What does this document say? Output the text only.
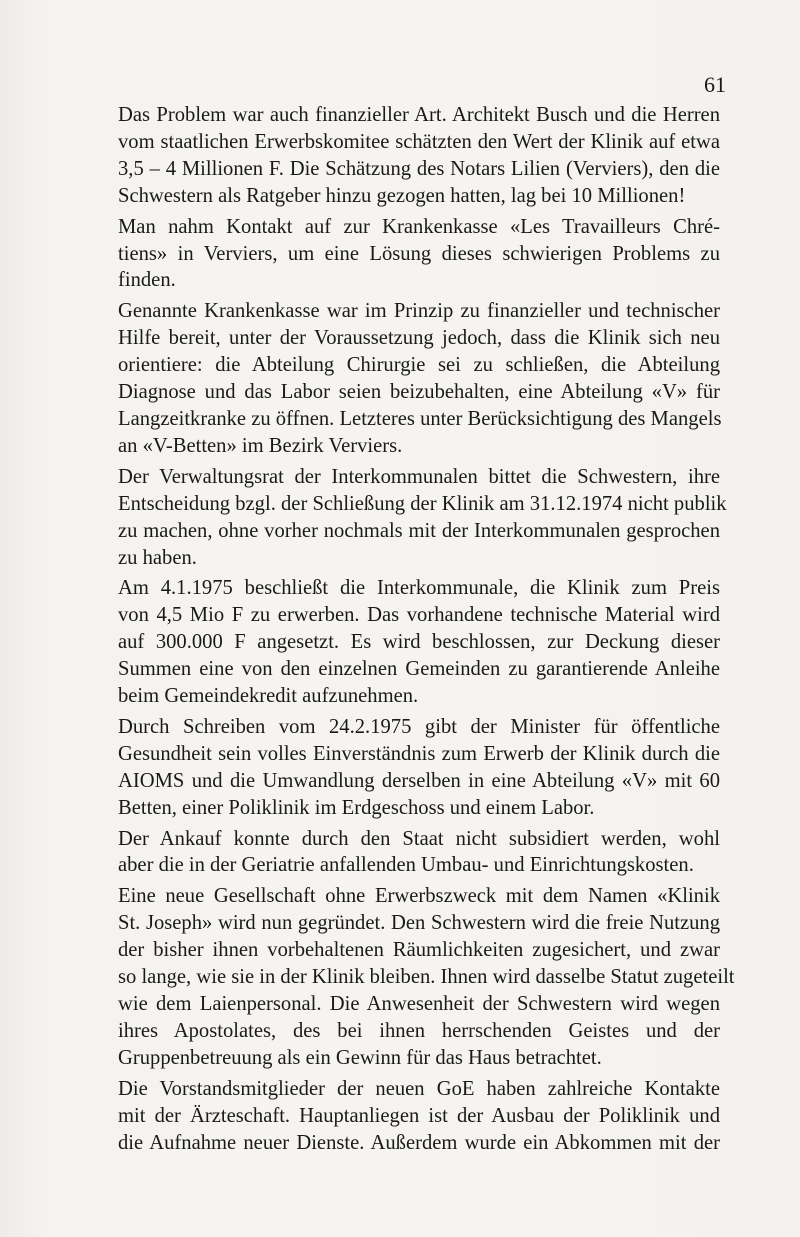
61
Das Problem war auch finanzieller Art. Architekt Busch und die Herren
vom staatlichen Erwerbskomitee schätzten den Wert der Klinik auf etwa
3,5 – 4 Millionen F. Die Schätzung des Notars Lilien (Verviers), den die
Schwestern als Ratgeber hinzu gezogen hatten, lag bei 10 Millionen!
Man nahm Kontakt auf zur Krankenkasse «Les Travailleurs Chré-
tiens» in Verviers, um eine Lösung dieses schwierigen Problems zu
finden.
Genannte Krankenkasse war im Prinzip zu finanzieller und technischer
Hilfe bereit, unter der Voraussetzung jedoch, dass die Klinik sich neu
orientiere: die Abteilung Chirurgie sei zu schließen, die Abteilung
Diagnose und das Labor seien beizubehalten, eine Abteilung «V» für
Langzeitkranke zu öffnen. Letzteres unter Berücksichtigung des Mangels
an «V-Betten» im Bezirk Verviers.
Der Verwaltungsrat der Interkommunalen bittet die Schwestern, ihre
Entscheidung bzgl. der Schließung der Klinik am 31.12.1974 nicht publik
zu machen, ohne vorher nochmals mit der Interkommunalen gesprochen
zu haben.
Am 4.1.1975 beschließt die Interkommunale, die Klinik zum Preis
von 4,5 Mio F zu erwerben. Das vorhandene technische Material wird
auf 300.000 F angesetzt. Es wird beschlossen, zur Deckung dieser
Summen eine von den einzelnen Gemeinden zu garantierende Anleihe
beim Gemeindekredit aufzunehmen.
Durch Schreiben vom 24.2.1975 gibt der Minister für öffentliche
Gesundheit sein volles Einverständnis zum Erwerb der Klinik durch die
AIOMS und die Umwandlung derselben in eine Abteilung «V» mit 60
Betten, einer Poliklinik im Erdgeschoss und einem Labor.
Der Ankauf konnte durch den Staat nicht subsidiert werden, wohl
aber die in der Geriatrie anfallenden Umbau- und Einrichtungskosten.
Eine neue Gesellschaft ohne Erwerbszweck mit dem Namen «Klinik
St. Joseph» wird nun gegründet. Den Schwestern wird die freie Nutzung
der bisher ihnen vorbehaltenen Räumlichkeiten zugesichert, und zwar
so lange, wie sie in der Klinik bleiben. Ihnen wird dasselbe Statut zugeteilt
wie dem Laienpersonal. Die Anwesenheit der Schwestern wird wegen
ihres Apostolates, des bei ihnen herrschenden Geistes und der
Gruppenbetreuung als ein Gewinn für das Haus betrachtet.
Die Vorstandsmitglieder der neuen GoE haben zahlreiche Kontakte
mit der Ärzteschaft. Hauptanliegen ist der Ausbau der Poliklinik und
die Aufnahme neuer Dienste. Außerdem wurde ein Abkommen mit der
